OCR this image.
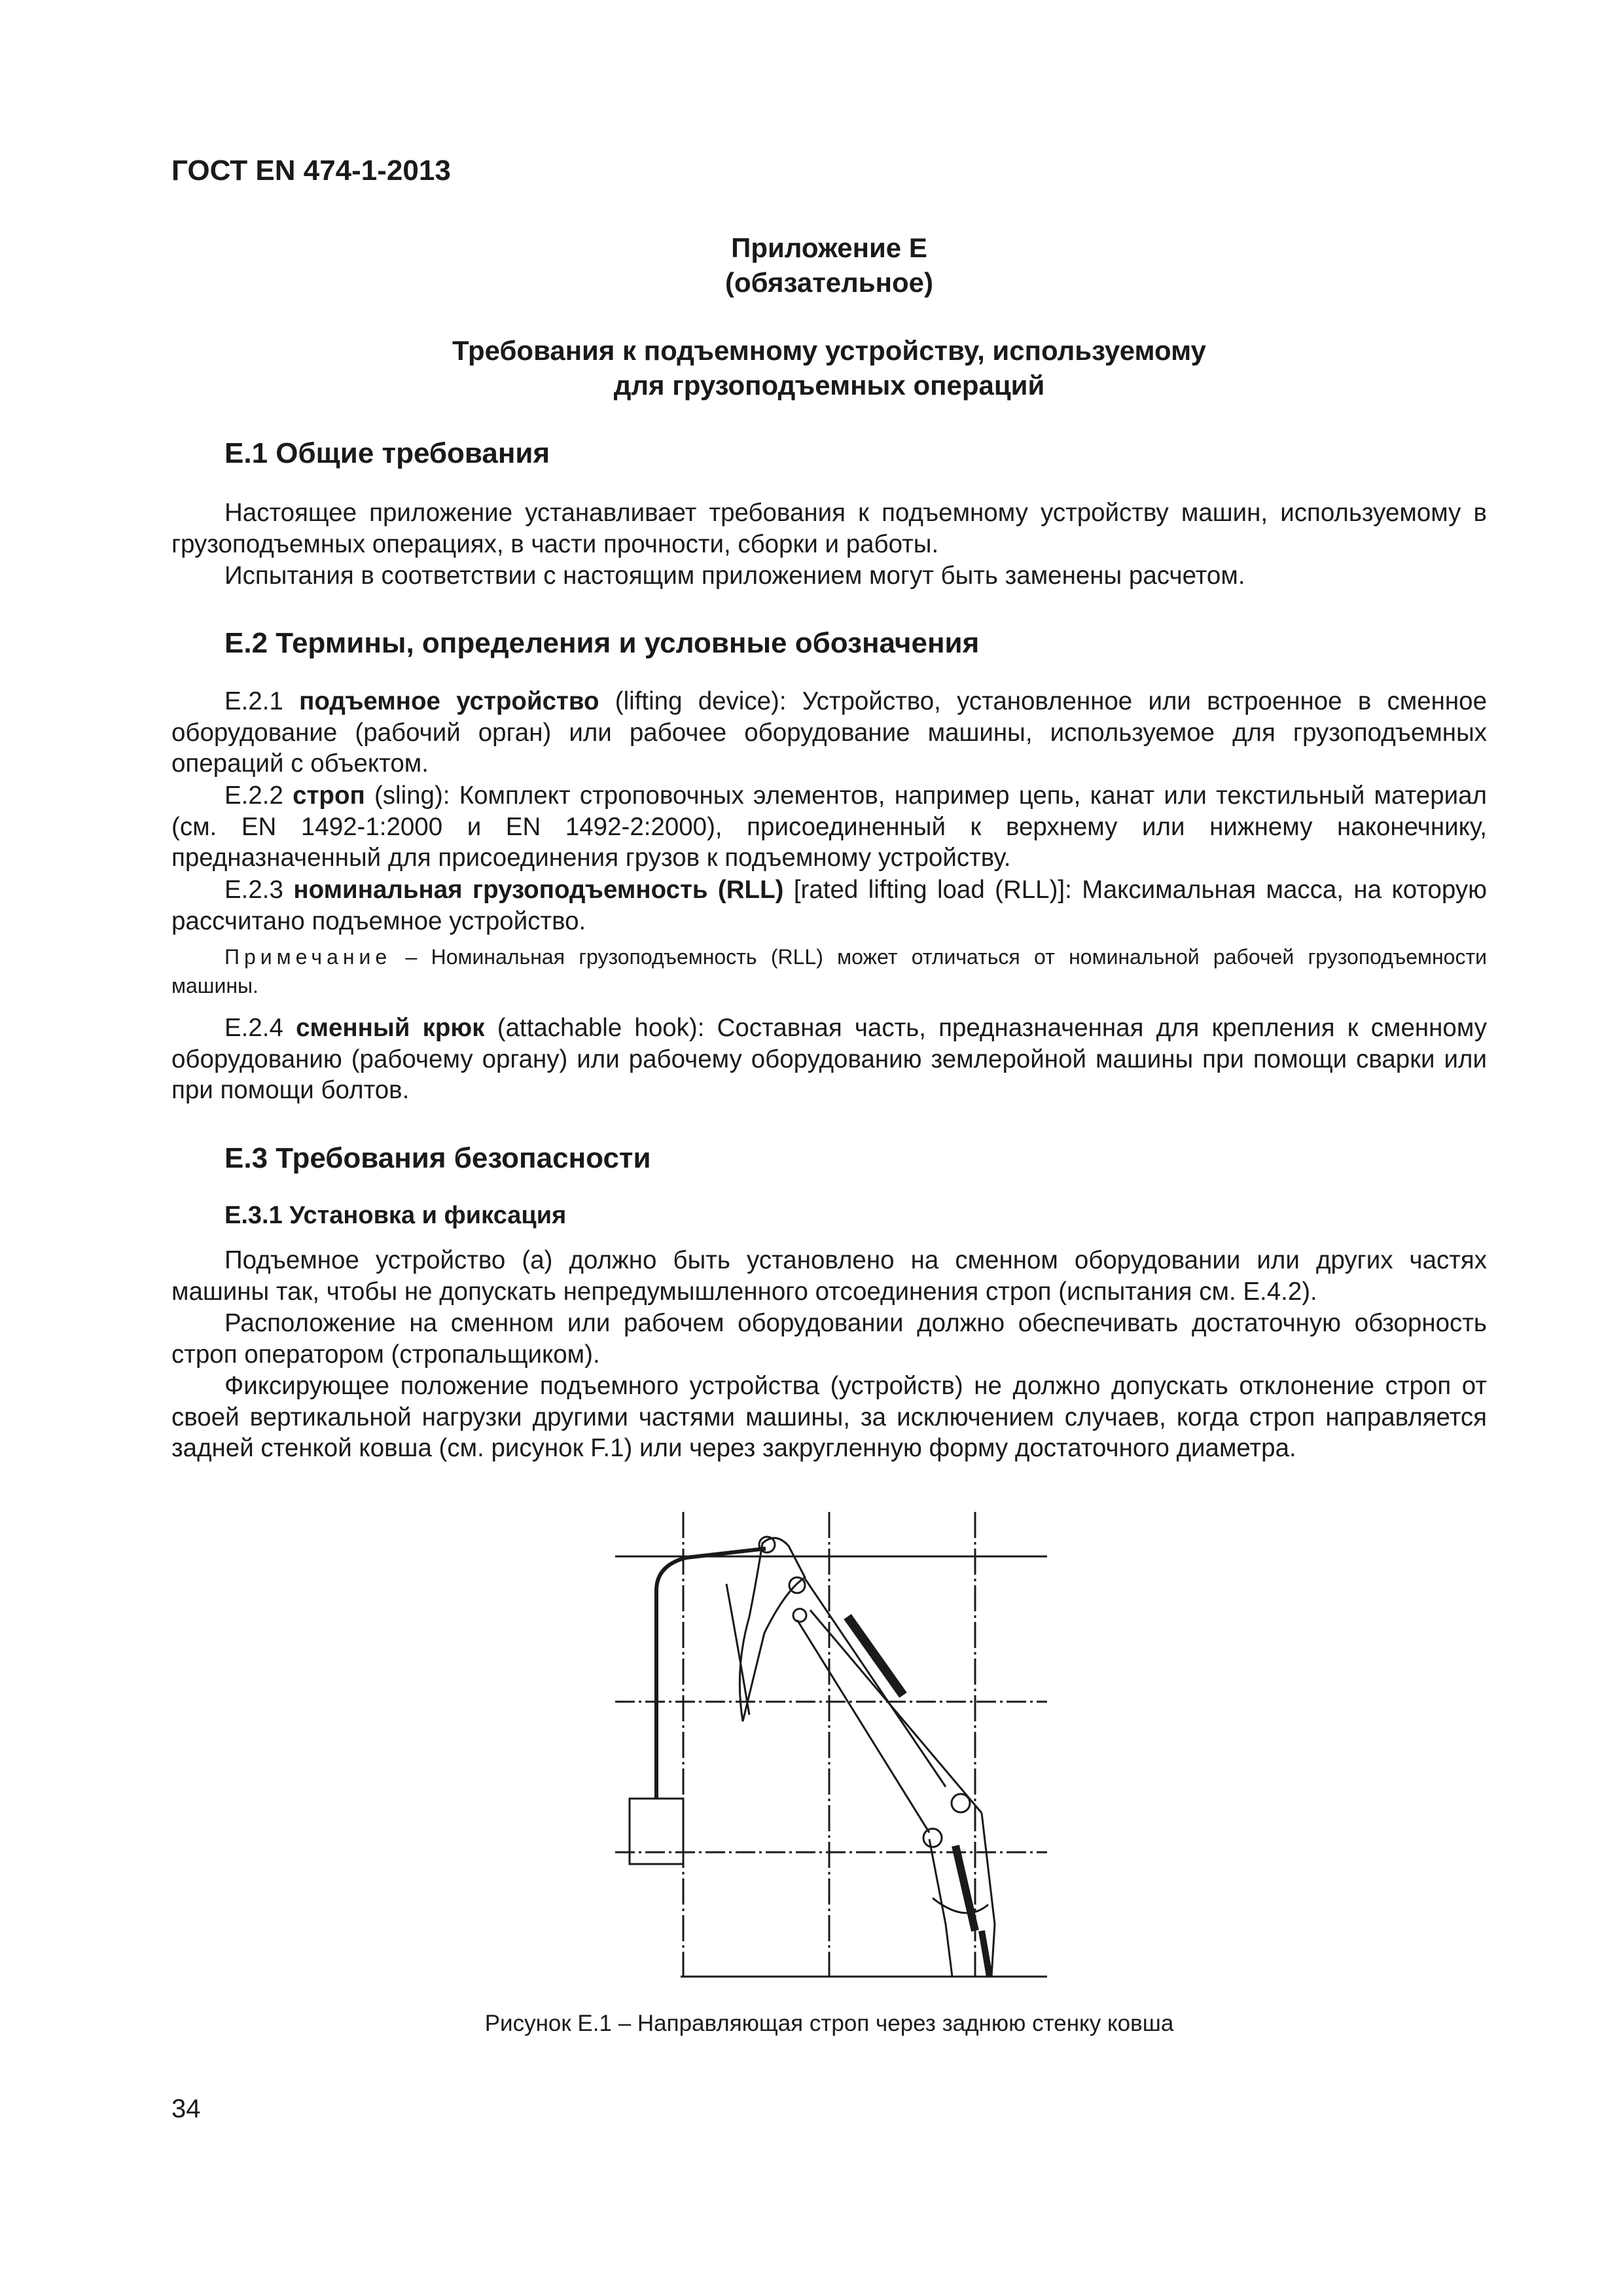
ГОСТ EN 474-1-2013
Приложение Е
(обязательное)
Требования к подъемному устройству, используемому
для грузоподъемных операций
Е.1 Общие требования

Настоящее приложение устанавливает требования к подъемному устройству машин, используемому в грузоподъемных операциях, в части прочности, сборки и работы.

Испытания в соответствии с настоящим приложением могут быть заменены расчетом.

Е.2 Термины, определения и условные обозначения

Е.2.1 подъемное устройство (lifting device): Устройство, установленное или встроенное в сменное оборудование (рабочий орган) или рабочее оборудование машины, используемое для грузоподъемных операций с объектом.

Е.2.2 строп (sling): Комплект строповочных элементов, например цепь, канат или текстильный материал (см. EN 1492-1:2000 и EN 1492-2:2000), присоединенный к верхнему или нижнему наконечнику, предназначенный для присоединения грузов к подъемному устройству.

Е.2.3 номинальная грузоподъемность (RLL) [rated lifting load (RLL)]: Максимальная масса, на которую рассчитано подъемное устройство.

Примечание – Номинальная грузоподъемность (RLL) может отличаться от номинальной рабочей грузоподъемности машины.

Е.2.4 сменный крюк (attachable hook): Составная часть, предназначенная для крепления к сменному оборудованию (рабочему органу) или рабочему оборудованию землеройной машины при помощи сварки или при помощи болтов.

Е.3 Требования безопасности
Е.3.1 Установка и фиксация

Подъемное устройство (а) должно быть установлено на сменном оборудовании или других частях машины так, чтобы не допускать непредумышленного отсоединения строп (испытания см. Е.4.2).

Расположение на сменном или рабочем оборудовании должно обеспечивать достаточную обзорность строп оператором (стропальщиком).

Фиксирующее положение подъемного устройства (устройств) не должно допускать отклонение строп от своей вертикальной нагрузки другими частями машины, за исключением случаев, когда строп направляется задней стенкой ковша (см. рисунок F.1) или через закругленную форму достаточного диаметра.

Рисунок Е.1 – Направляющая строп через заднюю стенку ковша
34
